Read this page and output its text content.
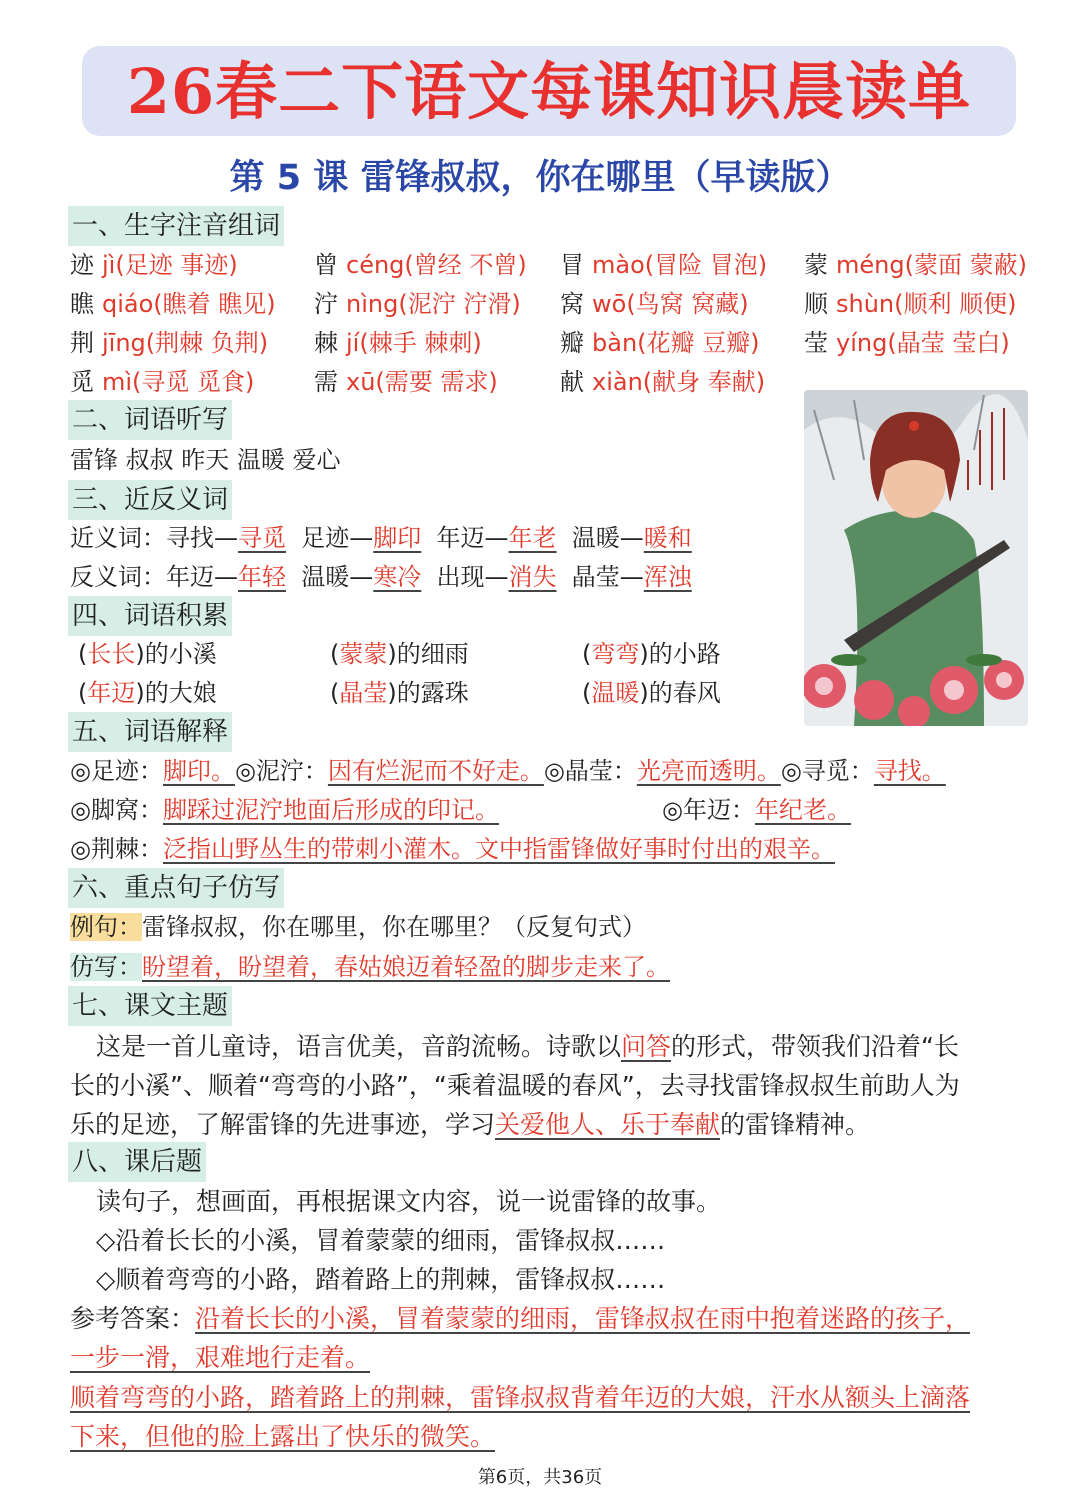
26春二下语文每课知识晨读单
第 5 课 雷锋叔叔，你在哪里（早读版）
一、生字注音组词
迹 jì(足迹 事迹)	曾 céng(曾经 不曾) 冒 mào(冒险 冒泡) 蒙 méng(蒙面 蒙蔽)
瞧 qiáo(瞧着 瞧见) 泞 nìng(泥泞 泞滑) 窝 wō(鸟窝 窝藏) 顺 shùn(顺利 顺便)
荆 jīng(荆棘 负荆) 棘 jí(棘手 棘刺)	瓣 bàn(花瓣 豆瓣) 莹 yíng(晶莹 莹白)
觅 mì(寻觅 觅食) 需 xū(需要 需求)	献 xiàn(献身 奉献)
二、词语听写
雷锋 叔叔 昨天 温暖 爱心
三、近反义词
近义词：寻找—寻觅 足迹—脚印 年迈—年老 温暖—暖和
反义词：年迈—年轻 温暖—寒冷 出现—消失 晶莹—浑浊
四、词语积累
(长长)的小溪	(蒙蒙)的细雨	(弯弯)的小路
(年迈)的大娘	(晶莹)的露珠	(温暖)的春风
五、词语解释
◎足迹：脚印。◎泥泞：因有烂泥而不好走。◎晶莹：光亮而透明。◎寻觅：寻找。
◎脚窝：脚踩过泥泞地面后形成的印记。	◎年迈：年纪老。
◎荆棘：泛指山野丛生的带刺小灌木。文中指雷锋做好事时付出的艰辛。
六、重点句子仿写
例句：雷锋叔叔，你在哪里，你在哪里？（反复句式）
仿写：盼望着，盼望着，春姑娘迈着轻盈的脚步走来了。
七、课文主题
这是一首儿童诗，语言优美，音韵流畅。诗歌以问答的形式，带领我们沿着“长
长的小溪”、顺着“弯弯的小路”，“乘着温暖的春风”，去寻找雷锋叔叔生前助人为
乐的足迹，了解雷锋的先进事迹，学习关爱他人、乐于奉献的雷锋精神。
八、课后题
读句子，想画面，再根据课文内容，说一说雷锋的故事。
◇沿着长长的小溪，冒着蒙蒙的细雨，雷锋叔叔……
◇顺着弯弯的小路，踏着路上的荆棘，雷锋叔叔……
参考答案：沿着长长的小溪，冒着蒙蒙的细雨，雷锋叔叔在雨中抱着迷路的孩子，
一步一滑，艰难地行走着。
顺着弯弯的小路，踏着路上的荆棘，雷锋叔叔背着年迈的大娘，汗水从额头上滴落
下来，但他的脸上露出了快乐的微笑。
第6页，共36页
